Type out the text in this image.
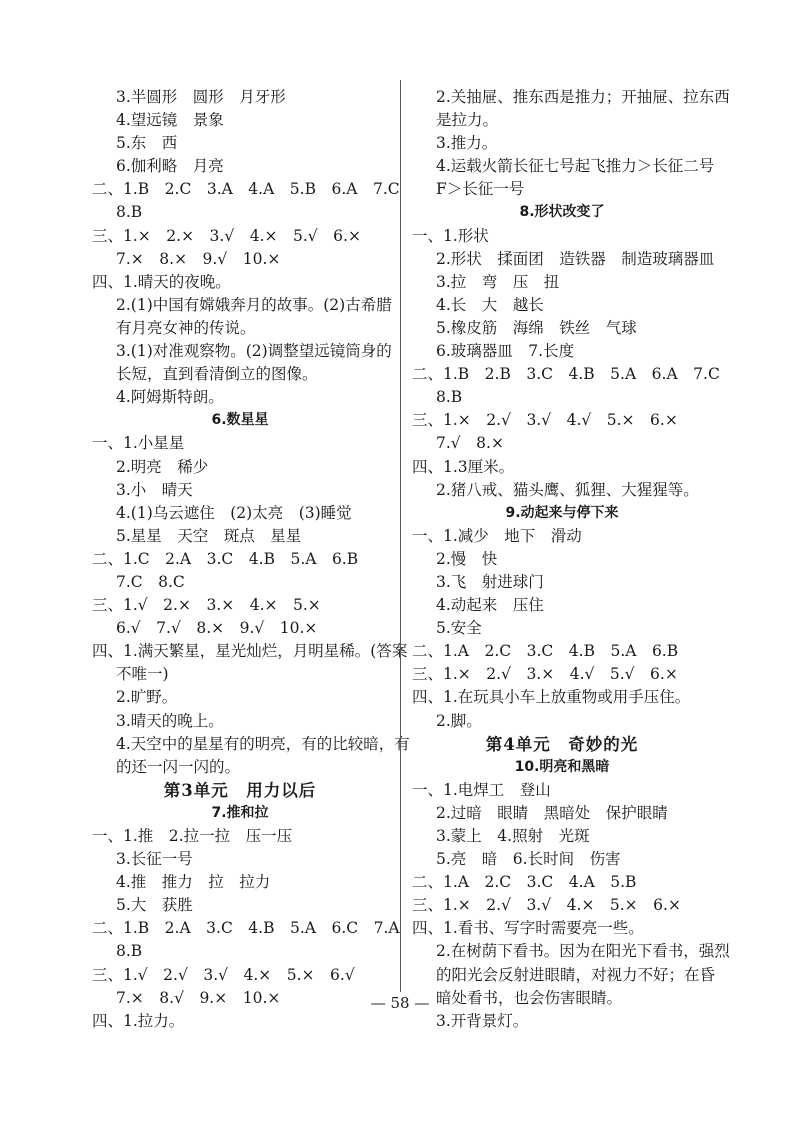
3.半圆形　圆形　月牙形
4.望远镜　景象
5.东　西
6.伽利略　月亮
二、1.B　2.C　3.A　4.A　5.B　6.A　7.C
8.B
三、1.×　2.×　3.√　4.×　5.√　6.×
7.×　8.×　9.√　10.×
四、1.晴天的夜晚。
2.(1)中国有嫦娥奔月的故事。(2)古希腊
有月亮女神的传说。
3.(1)对准观察物。(2)调整望远镜筒身的
长短，直到看清倒立的图像。
4.阿姆斯特朗。
6.数星星
一、1.小星星
2.明亮　稀少
3.小　晴天
4.(1)乌云遮住　(2)太亮　(3)睡觉
5.星星　天空　斑点　星星
二、1.C　2.A　3.C　4.B　5.A　6.B
7.C　8.C
三、1.√　2.×　3.×　4.×　5.×
6.√　7.√　8.×　9.√　10.×
四、1.满天繁星，星光灿烂，月明星稀。(答案
不唯一)
2.旷野。
3.晴天的晚上。
4.天空中的星星有的明亮，有的比较暗，有
的还一闪一闪的。
第3单元　用力以后
7.推和拉
一、1.推　2.拉一拉　压一压
3.长征一号
4.推　推力　拉　拉力
5.大　获胜
二、1.B　2.A　3.C　4.B　5.A　6.C　7.A
8.B
三、1.√　2.√　3.√　4.×　5.×　6.√
7.×　8.√　9.×　10.×
四、1.拉力。
2.关抽屉、推东西是推力；开抽屉、拉东西
是拉力。
3.推力。
4.运载火箭长征七号起飞推力＞长征二号
F＞长征一号
8.形状改变了
一、1.形状
2.形状　揉面团　造铁器　制造玻璃器皿
3.拉　弯　压　扭
4.长　大　越长
5.橡皮筋　海绵　铁丝　气球
6.玻璃器皿　7.长度
二、1.B　2.B　3.C　4.B　5.A　6.A　7.C
8.B
三、1.×　2.√　3.√　4.√　5.×　6.×
7.√　8.×
四、1.3厘米。
2.猪八戒、猫头鹰、狐狸、大猩猩等。
9.动起来与停下来
一、1.减少　地下　滑动
2.慢　快
3.飞　射进球门
4.动起来　压住
5.安全
二、1.A　2.C　3.C　4.B　5.A　6.B
三、1.×　2.√　3.×　4.√　5.√　6.×
四、1.在玩具小车上放重物或用手压住。
2.脚。
第4单元　奇妙的光
10.明亮和黑暗
一、1.电焊工　登山
2.过暗　眼睛　黑暗处　保护眼睛
3.蒙上　4.照射　光斑
5.亮　暗　6.长时间　伤害
二、1.A　2.C　3.C　4.A　5.B
三、1.×　2.√　3.√　4.×　5.×　6.×
四、1.看书、写字时需要亮一些。
2.在树荫下看书。因为在阳光下看书，强烈
的阳光会反射进眼睛，对视力不好；在昏
暗处看书，也会伤害眼睛。
3.开背景灯。
— 58 —
